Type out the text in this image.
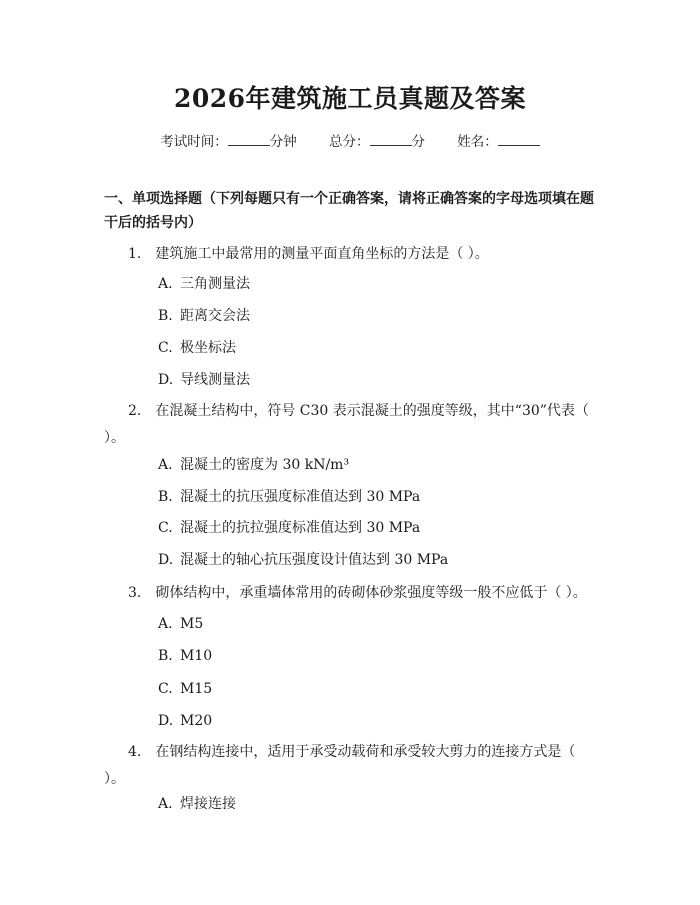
2026年建筑施工员真题及答案
考试时间：	分钟 总分：	分 姓名：
一、单项选择题（下列每题只有一个正确答案，请将正确答案的字母选项填在题干后的括号内）
1.　建筑施工中最常用的测量平面直角坐标的方法是（ ）。
A. 三角测量法
B. 距离交会法
C. 极坐标法
D. 导线测量法
2.　在混凝土结构中，符号 C30 表示混凝土的强度等级，其中“30”代表（ ）。
A. 混凝土的密度为 30 kN/m³
B. 混凝土的抗压强度标准值达到 30 MPa
C. 混凝土的抗拉强度标准值达到 30 MPa
D. 混凝土的轴心抗压强度设计值达到 30 MPa
3.　砌体结构中，承重墙体常用的砖砌体砂浆强度等级一般不应低于（ ）。
A. M5
B. M10
C. M15
D. M20
4.　在钢结构连接中，适用于承受动载荷和承受较大剪力的连接方式是（ ）。
A. 焊接连接
